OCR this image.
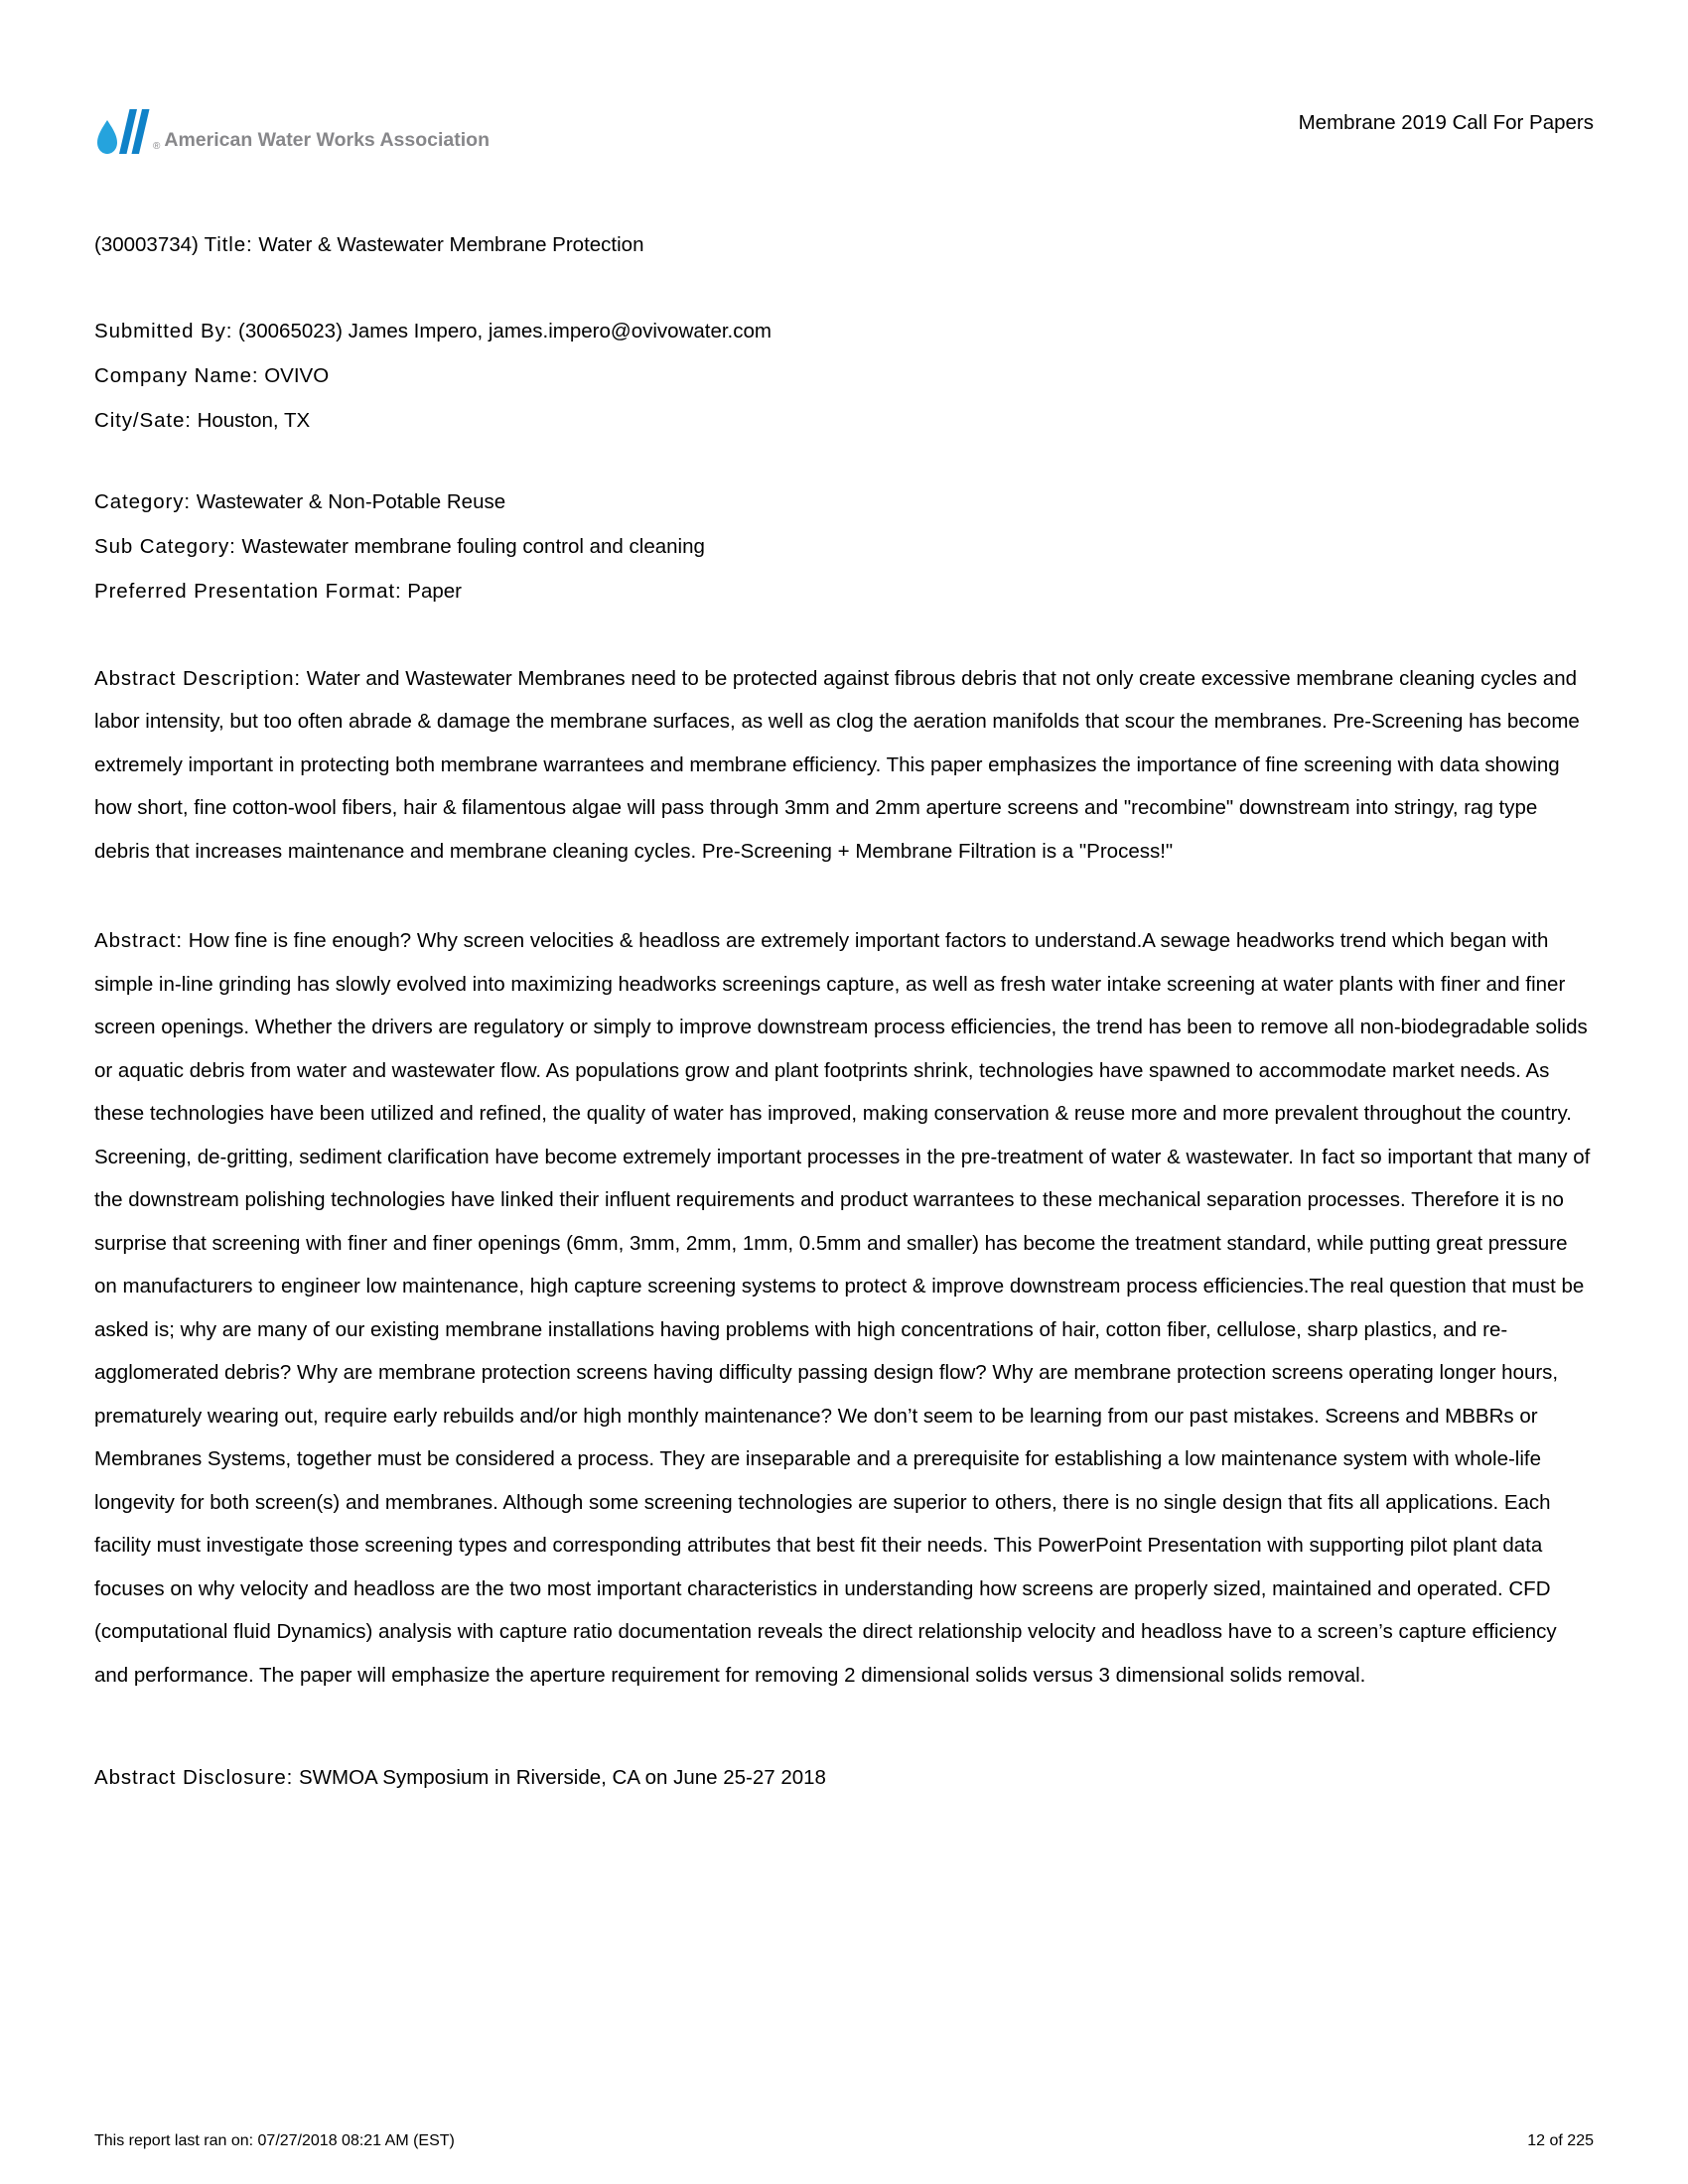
® American Water Works Association
Membrane 2019 Call For Papers

(30003734) Title: Water & Wastewater Membrane Protection

Submitted By: (30065023) James Impero, james.impero@ovivowater.com

Company Name: OVIVO

City/Sate: Houston, TX

Category: Wastewater & Non-Potable Reuse

Sub Category: Wastewater membrane fouling control and cleaning

Preferred Presentation Format: Paper

Abstract Description: Water and Wastewater Membranes need to be protected against fibrous debris that not only create excessive membrane cleaning cycles and labor intensity, but too often abrade & damage the membrane surfaces, as well as clog the aeration manifolds that scour the membranes. Pre-Screening has become extremely important in protecting both membrane warrantees and membrane efficiency. This paper emphasizes the importance of fine screening with data showing how short, fine cotton-wool fibers, hair & filamentous algae will pass through 3mm and 2mm aperture screens and "recombine" downstream into stringy, rag type debris that increases maintenance and membrane cleaning cycles. Pre-Screening + Membrane Filtration is a "Process!"

Abstract: How fine is fine enough? Why screen velocities & headloss are extremely important factors to understand.A sewage headworks trend which began with simple in-line grinding has slowly evolved into maximizing headworks screenings capture, as well as fresh water intake screening at water plants with finer and finer screen openings. Whether the drivers are regulatory or simply to improve downstream process efficiencies, the trend has been to remove all non-biodegradable solids or aquatic debris from water and wastewater flow. As populations grow and plant footprints shrink, technologies have spawned to accommodate market needs. As these technologies have been utilized and refined, the quality of water has improved, making conservation & reuse more and more prevalent throughout the country. Screening, de-gritting, sediment clarification have become extremely important processes in the pre-treatment of water & wastewater. In fact so important that many of the downstream polishing technologies have linked their influent requirements and product warrantees to these mechanical separation processes. Therefore it is no surprise that screening with finer and finer openings (6mm, 3mm, 2mm, 1mm, 0.5mm and smaller) has become the treatment standard, while putting great pressure on manufacturers to engineer low maintenance, high capture screening systems to protect & improve downstream process efficiencies.The real question that must be asked is; why are many of our existing membrane installations having problems with high concentrations of hair, cotton fiber, cellulose, sharp plastics, and re-agglomerated debris? Why are membrane protection screens having difficulty passing design flow? Why are membrane protection screens operating longer hours, prematurely wearing out, require early rebuilds and/or high monthly maintenance? We don’t seem to be learning from our past mistakes. Screens and MBBRs or Membranes Systems, together must be considered a process. They are inseparable and a prerequisite for establishing a low maintenance system with whole-life longevity for both screen(s) and membranes. Although some screening technologies are superior to others, there is no single design that fits all applications. Each facility must investigate those screening types and corresponding attributes that best fit their needs. This PowerPoint Presentation with supporting pilot plant data focuses on why velocity and headloss are the two most important characteristics in understanding how screens are properly sized, maintained and operated. CFD (computational fluid Dynamics) analysis with capture ratio documentation reveals the direct relationship velocity and headloss have to a screen’s capture efficiency and performance. The paper will emphasize the aperture requirement for removing 2 dimensional solids versus 3 dimensional solids removal.

Abstract Disclosure: SWMOA Symposium in Riverside, CA on June 25-27 2018

This report last ran on: 07/27/2018 08:21 AM (EST)	12 of 225
